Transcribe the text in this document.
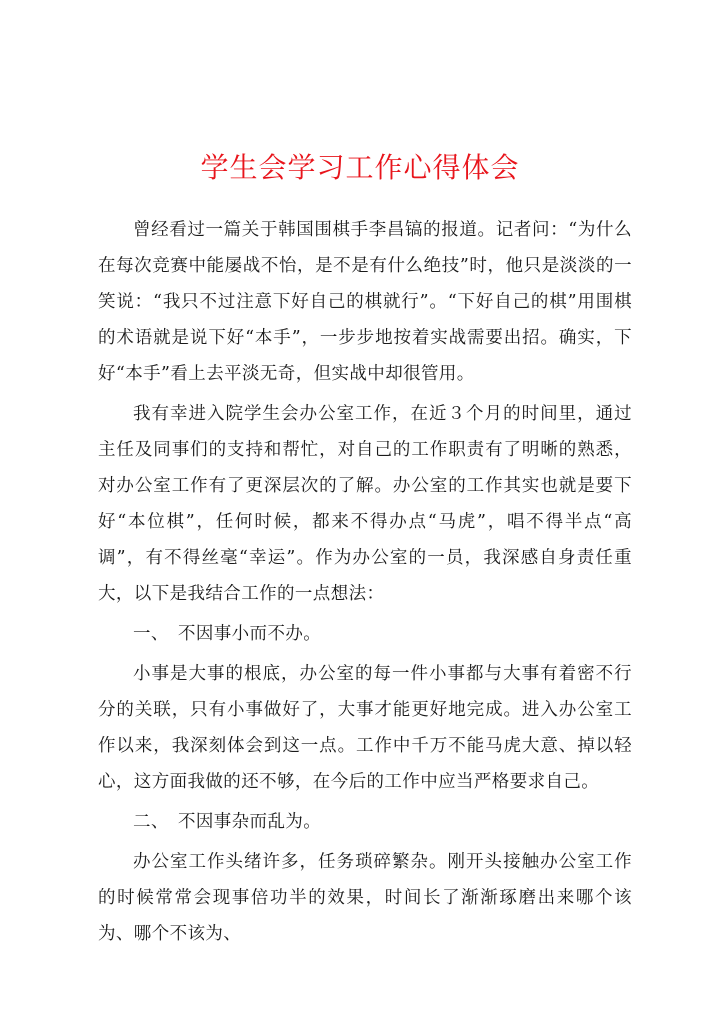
学生会学习工作心得体会

曾经看过一篇关于韩国围棋手李昌镐的报道。记者问：“为什么在每次竞赛中能屡战不怡，是不是有什么绝技”时，他只是淡淡的一笑说：“我只不过注意下好自己的棋就行”。“下好自己的棋”用围棋的术语就是说下好“本手”，一步步地按着实战需要出招。确实，下好“本手”看上去平淡无奇，但实战中却很管用。

我有幸进入院学生会办公室工作，在近３个月的时间里，通过主任及同事们的支持和帮忙，对自己的工作职责有了明晰的熟悉，对办公室工作有了更深层次的了解。办公室的工作其实也就是要下好“本位棋”，任何时候，都来不得办点“马虎”，唱不得半点“高调”，有不得丝毫“幸运”。作为办公室的一员，我深感自身责任重大，以下是我结合工作的一点想法：

一、　不因事小而不办。

小事是大事的根底，办公室的每一件小事都与大事有着密不行分的关联，只有小事做好了，大事才能更好地完成。进入办公室工作以来，我深刻体会到这一点。工作中千万不能马虎大意、掉以轻心，这方面我做的还不够，在今后的工作中应当严格要求自己。

二、　不因事杂而乱为。

办公室工作头绪许多，任务琐碎繁杂。刚开头接触办公室工作的时候常常会现事倍功半的效果，时间长了渐渐琢磨出来哪个该为、哪个不该为、
